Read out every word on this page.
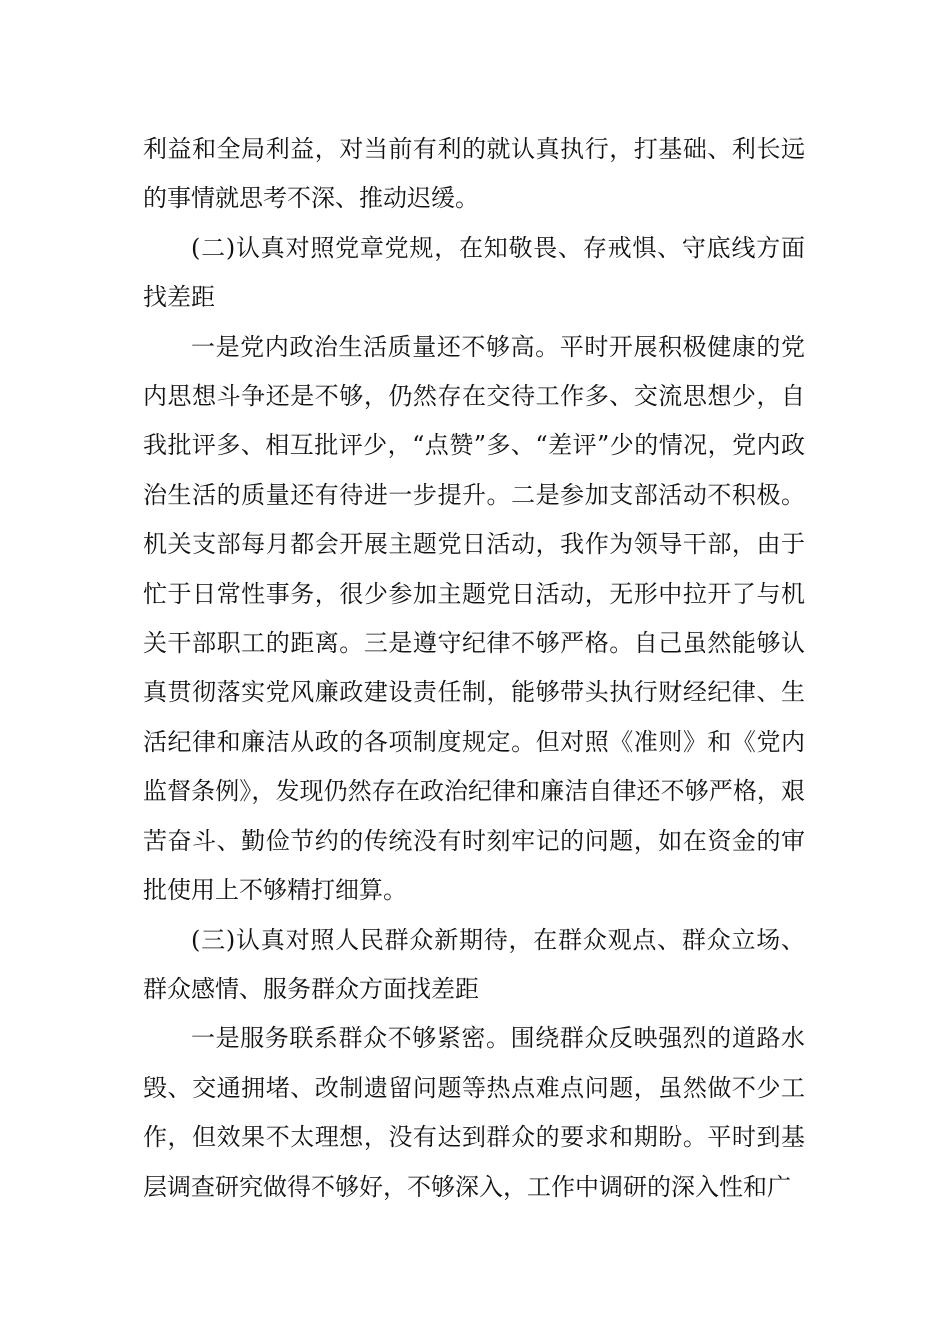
利益和全局利益，对当前有利的就认真执行，打基础、利长远的事情就思考不深、推动迟缓。

(二)认真对照党章党规，在知敬畏、存戒惧、守底线方面找差距

一是党内政治生活质量还不够高。平时开展积极健康的党内思想斗争还是不够，仍然存在交待工作多、交流思想少，自我批评多、相互批评少，“点赞”多、“差评”少的情况，党内政治生活的质量还有待进一步提升。二是参加支部活动不积极。机关支部每月都会开展主题党日活动，我作为领导干部，由于忙于日常性事务，很少参加主题党日活动，无形中拉开了与机关干部职工的距离。三是遵守纪律不够严格。自己虽然能够认真贯彻落实党风廉政建设责任制，能够带头执行财经纪律、生活纪律和廉洁从政的各项制度规定。但对照《准则》和《党内监督条例》，发现仍然存在政治纪律和廉洁自律还不够严格，艰苦奋斗、勤俭节约的传统没有时刻牢记的问题，如在资金的审批使用上不够精打细算。

(三)认真对照人民群众新期待，在群众观点、群众立场、群众感情、服务群众方面找差距

一是服务联系群众不够紧密。围绕群众反映强烈的道路水毁、交通拥堵、改制遗留问题等热点难点问题，虽然做不少工作，但效果不太理想，没有达到群众的要求和期盼。平时到基层调查研究做得不够好，不够深入，工作中调研的深入性和广
